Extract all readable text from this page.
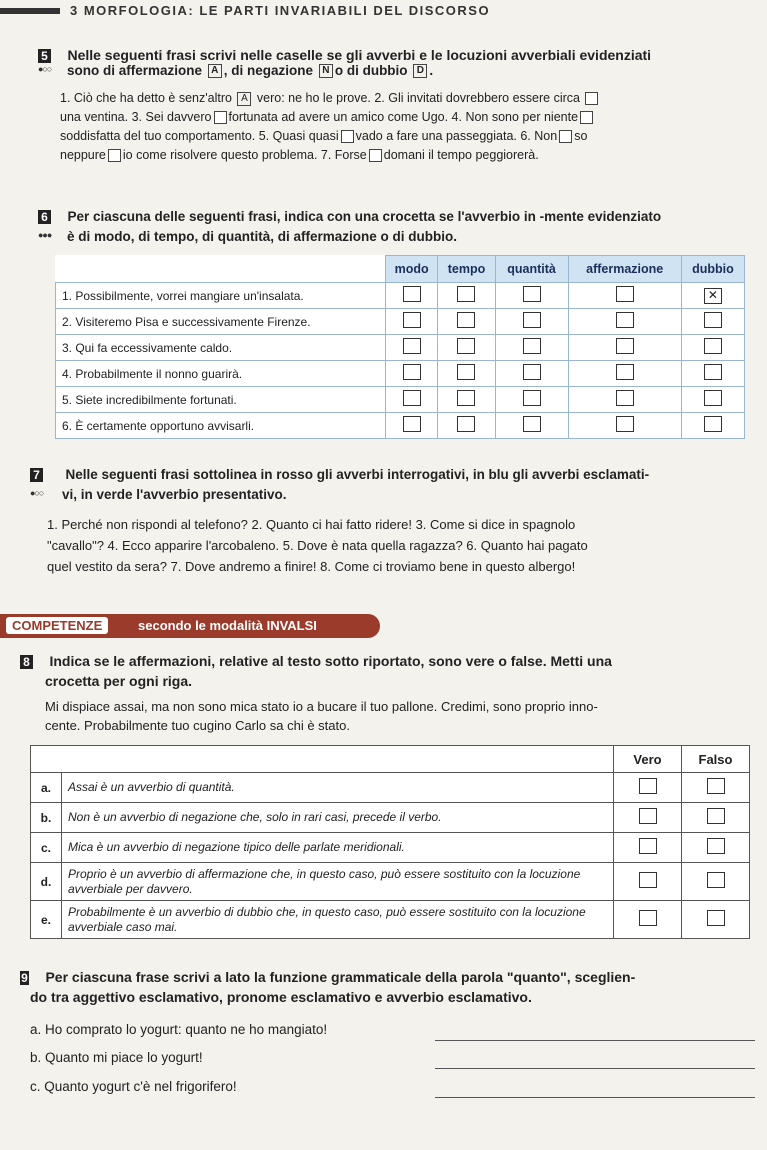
3 MORFOLOGIA: LE PARTI INVARIABILI DEL DISCORSO
5 Nelle seguenti frasi scrivi nelle caselle se gli avverbi e le locuzioni avverbiali evidenziati
●○○ sono di affermazione A , di negazione N o di dubbio D .
1. Ciò che ha detto è senz'altro A vero: ne ho le prove. 2. Gli invitati dovrebbero essere circa
una ventina. 3. Sei davvero fortunata ad avere un amico come Ugo. 4. Non sono per niente
soddisfatta del tuo comportamento. 5. Quasi quasi vado a fare una passeggiata. 6. Non so
neppure io come risolvere questo problema. 7. Forse domani il tempo peggiorerà.
6 Per ciascuna delle seguenti frasi, indica con una crocetta se l'avverbio in -mente evidenziato
●●● è di modo, di tempo, di quantità, di affermazione o di dubbio.
	modo	tempo	quantità	affermazione	dubbio
1. Possibilmente, vorrei mangiare un'insalata.					✕
2. Visiteremo Pisa e successivamente Firenze.					
3. Qui fa eccessivamente caldo.					
4. Probabilmente il nonno guarirà.					
5. Siete incredibilmente fortunati.					
6. È certamente opportuno avvisarli.					
7 Nelle seguenti frasi sottolinea in rosso gli avverbi interrogativi, in blu gli avverbi esclamati-
●○○ vi, in verde l'avverbio presentativo.
1. Perché non rispondi al telefono? 2. Quanto ci hai fatto ridere! 3. Come si dice in spagnolo
"cavallo"? 4. Ecco apparire l'arcobaleno. 5. Dove è nata quella ragazza? 6. Quanto hai pagato
quel vestito da sera? 7. Dove andremo a finire! 8. Come ci troviamo bene in questo albergo!
COMPETENZE	secondo le modalità INVALSI
8 Indica se le affermazioni, relative al testo sotto riportato, sono vere o false. Metti una
crocetta per ogni riga.
Mi dispiace assai, ma non sono mica stato io a bucare il tuo pallone. Credimi, sono proprio inno-
cente. Probabilmente tuo cugino Carlo sa chi è stato.
		Vero	Falso
a.	Assai è un avverbio di quantità.		
b.	Non è un avverbio di negazione che, solo in rari casi, precede il verbo.		
c.	Mica è un avverbio di negazione tipico delle parlate meridionali.		
d.	Proprio è un avverbio di affermazione che, in questo caso, può essere sostituito con la locuzione avverbiale per davvero.		
e.	Probabilmente è un avverbio di dubbio che, in questo caso, può essere sostituito con la locuzione avverbiale caso mai.		
9 Per ciascuna frase scrivi a lato la funzione grammaticale della parola "quanto", sceglien-
do tra aggettivo esclamativo, pronome esclamativo e avverbio esclamativo.
a. Ho comprato lo yogurt: quanto ne ho mangiato!
b. Quanto mi piace lo yogurt!
c. Quanto yogurt c'è nel frigorifero!
